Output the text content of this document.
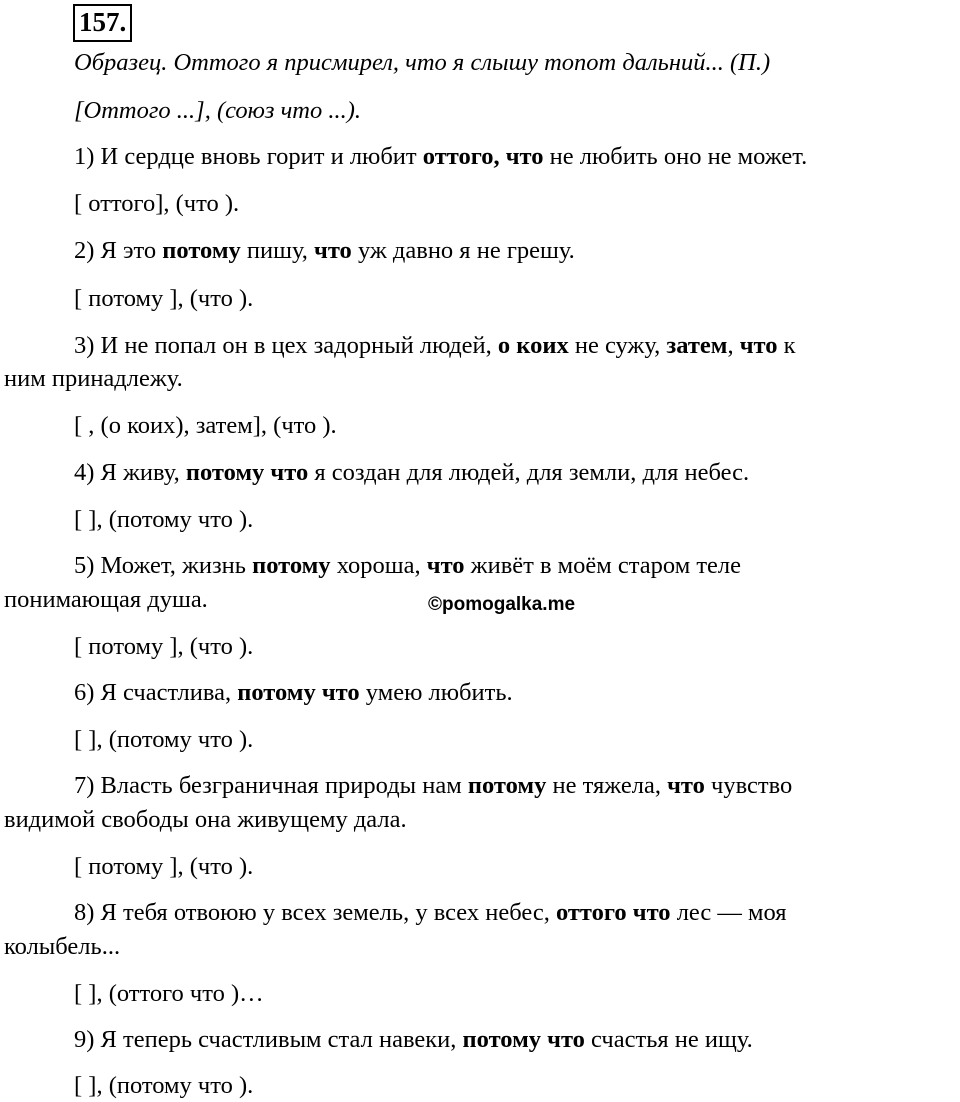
157.
Образец. Оттого я присмирел, что я слышу топот дальний... (П.)
[Оттого ...], (союз что ...).
1) И сердце вновь горит и любит оттого, что не любить оно не может.
[ оттого], (что ).
2) Я это потому пишу, что уж давно я не грешу.
[ потому ], (что ).
3) И не попал он в цех задорный людей, о коих не сужу, затем, что к
ним принадлежу.
[ , (о коих), затем], (что ).
4) Я живу, потому что я создан для людей, для земли, для небес.
[ ], (потому что ).
5) Может, жизнь потому хороша, что живёт в моём старом теле
понимающая душа.
[ потому ], (что ).
6) Я счастлива, потому что умею любить.
[ ], (потому что ).
7) Власть безграничная природы нам потому не тяжела, что чувство
видимой свободы она живущему дала.
[ потому ], (что ).
8) Я тебя отвоюю у всех земель, у всех небес, оттого что лес — моя
колыбель...
[ ], (оттого что )…
9) Я теперь счастливым стал навеки, потому что счастья не ищу.
[ ], (потому что ).
©pomogalka.me
